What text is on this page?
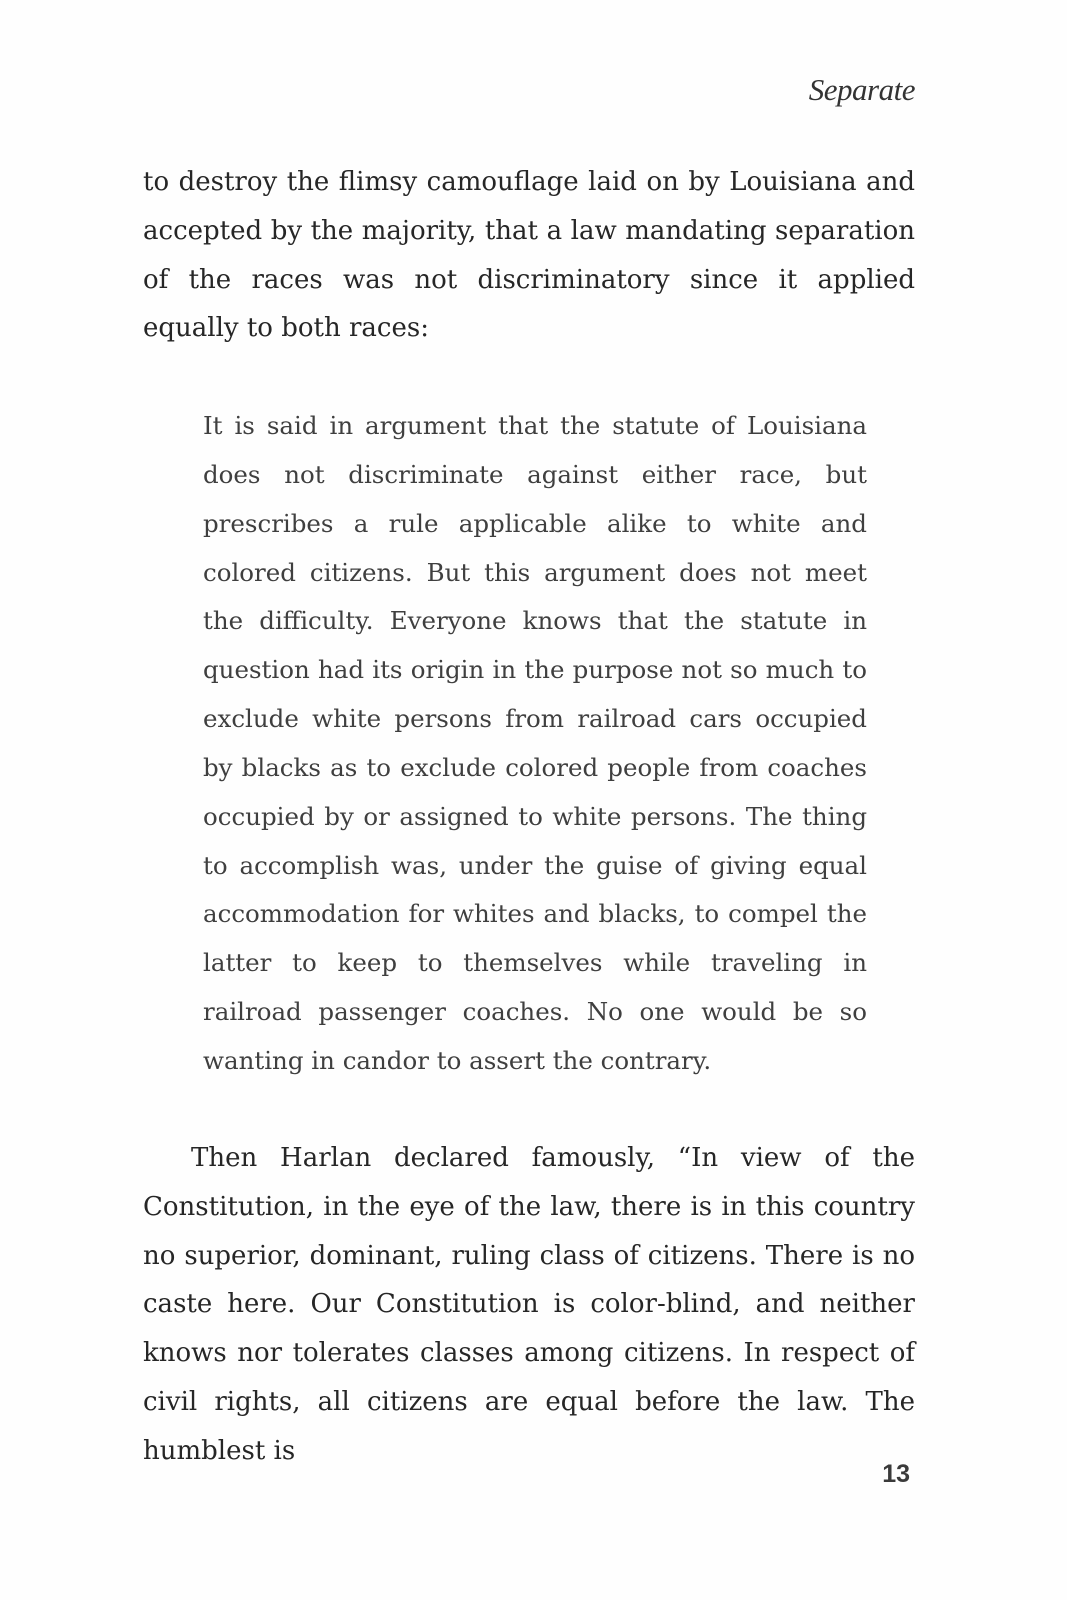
Separate

to destroy the flimsy camouflage laid on by Louisiana and accepted by the majority, that a law mandating separation of the races was not discriminatory since it applied equally to both races:

It is said in argument that the statute of Louisiana does not discriminate against either race, but prescribes a rule applicable alike to white and colored citizens. But this argument does not meet the difficulty. Everyone knows that the statute in question had its origin in the purpose not so much to exclude white persons from railroad cars occupied by blacks as to exclude colored people from coaches occupied by or assigned to white persons. The thing to accomplish was, under the guise of giving equal accommodation for whites and blacks, to compel the latter to keep to themselves while traveling in railroad passenger coaches. No one would be so wanting in candor to assert the contrary.

Then Harlan declared famously, “In view of the Constitution, in the eye of the law, there is in this country no superior, dominant, ruling class of citizens. There is no caste here. Our Constitution is color-blind, and neither knows nor tolerates classes among citizens. In respect of civil rights, all citizens are equal before the law. The humblest is

13
